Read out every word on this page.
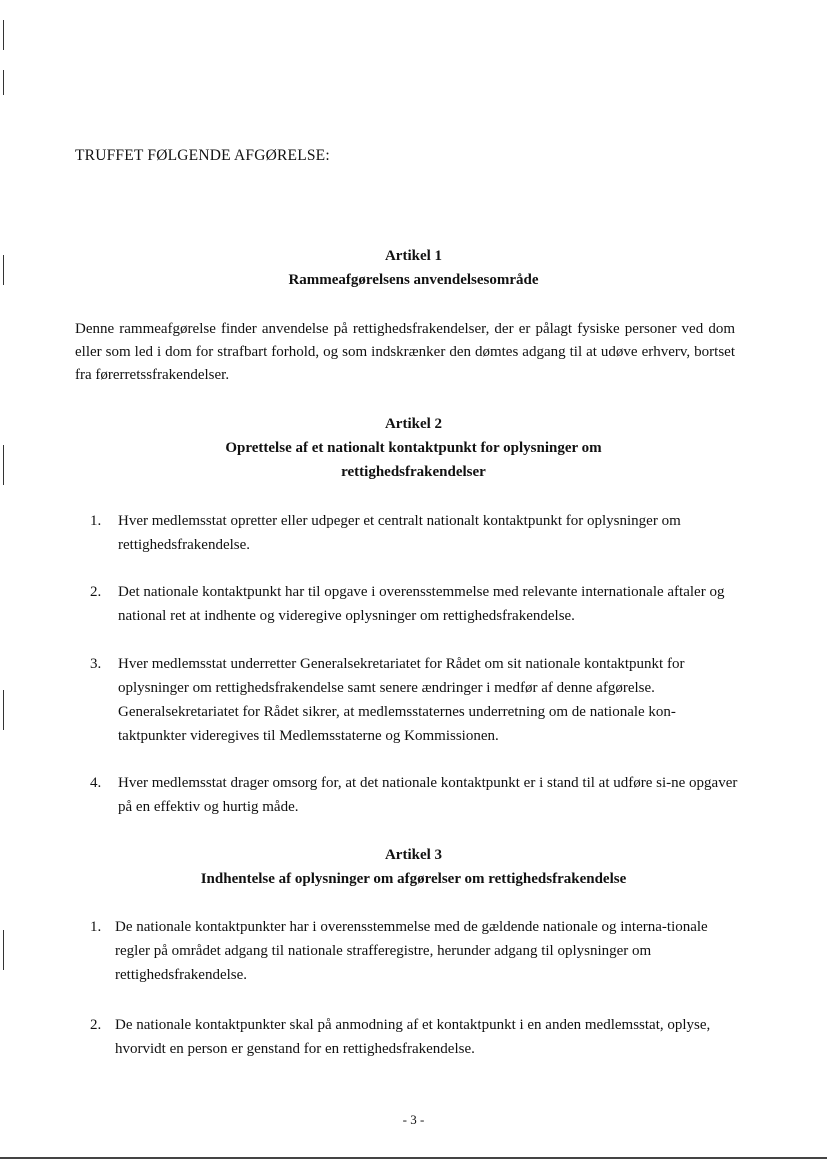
TRUFFET FØLGENDE AFGØRELSE:
Artikel 1
Rammeafgørelsens anvendelsesområde
Denne rammeafgørelse finder anvendelse på rettighedsfrakendelser, der er pålagt fysiske personer ved dom eller som led i dom for strafbart forhold, og som indskrænker den dømtes adgang til at udøve erhverv, bortset fra førerretssfrakendelser.
Artikel 2
Oprettelse af et nationalt kontaktpunkt for oplysninger om
rettighedsfrakendelser
1.	Hver medlemsstat opretter eller udpeger et centralt nationalt kontaktpunkt for oplysninger om rettighedsfrakendelse.
2.	Det nationale kontaktpunkt har til opgave i overensstemmelse med relevante internationale aftaler og national ret at indhente og videregive oplysninger om rettighedsfrakendelse.
3.	Hver medlemsstat underretter Generalsekretariatet for Rådet om sit nationale kontaktpunkt for oplysninger om rettighedsfrakendelse samt senere ændringer i medfør af denne afgørelse. Generalsekretariatet for Rådet sikrer, at medlemsstaternes underretning om de nationale kon-taktpunkter videregives til Medlemsstaterne og Kommissionen.
4.	Hver medlemsstat drager omsorg for, at det nationale kontaktpunkt er i stand til at udføre si-ne opgaver på en effektiv og hurtig måde.
Artikel 3
Indhentelse af oplysninger om afgørelser om rettighedsfrakendelse
1. De nationale kontaktpunkter har i overensstemmelse med de gældende nationale og interna-tionale regler på området adgang til nationale strafferegistre, herunder adgang til oplysninger om rettighedsfrakendelse.
2. De nationale kontaktpunkter skal på anmodning af et kontaktpunkt i en anden medlemsstat, oplyse, hvorvidt en person er genstand for en rettighedsfrakendelse.
- 3 -
